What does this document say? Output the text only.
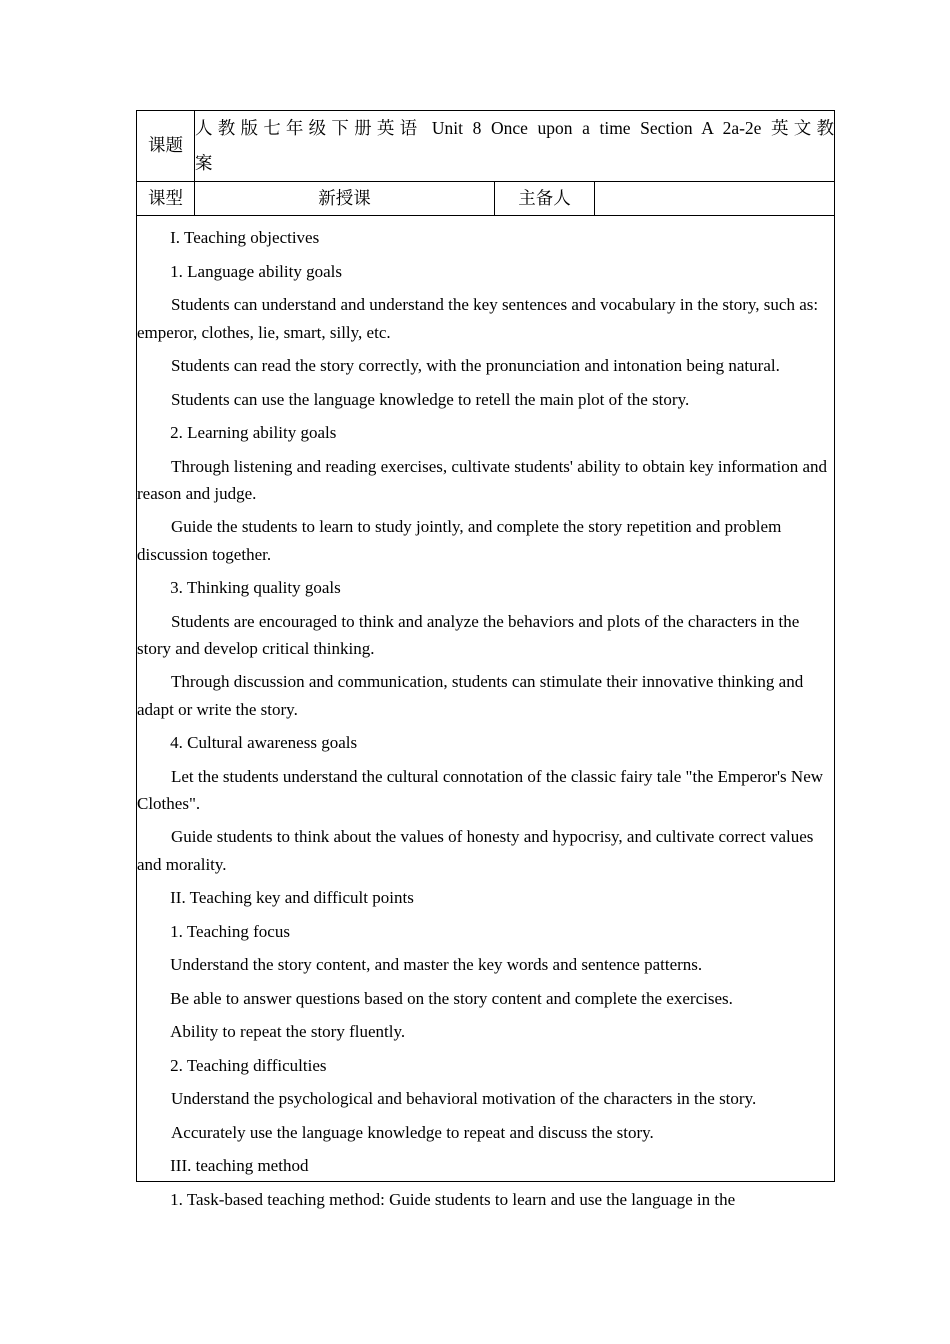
课题	人教版七年级下册英语 Unit 8 Once upon a time Section A 2a-2e 英文教
案		

课型	新授课	主备人	

I. Teaching objectives

1. Language ability goals

Students can understand and understand the key sentences and vocabulary in the story, such as: emperor, clothes, lie, smart, silly, etc.

Students can read the story correctly, with the pronunciation and intonation being natural.

Students can use the language knowledge to retell the main plot of the story.

2. Learning ability goals

Through listening and reading exercises, cultivate students' ability to obtain key information and reason and judge.

Guide the students to learn to study jointly, and complete the story repetition and problem discussion together.

3. Thinking quality goals

Students are encouraged to think and analyze the behaviors and plots of the characters in the story and develop critical thinking.

Through discussion and communication, students can stimulate their innovative thinking and adapt or write the story.

4. Cultural awareness goals

Let the students understand the cultural connotation of the classic fairy tale "the Emperor's New Clothes".

Guide students to think about the values of honesty and hypocrisy, and cultivate correct values and morality.

II. Teaching key and difficult points

1. Teaching focus

Understand the story content, and master the key words and sentence patterns.

Be able to answer questions based on the story content and complete the exercises.

Ability to repeat the story fluently.

2. Teaching difficulties

Understand the psychological and behavioral motivation of the characters in the story.

Accurately use the language knowledge to repeat and discuss the story.

III. teaching method

1. Task-based teaching method: Guide students to learn and use the language in the
